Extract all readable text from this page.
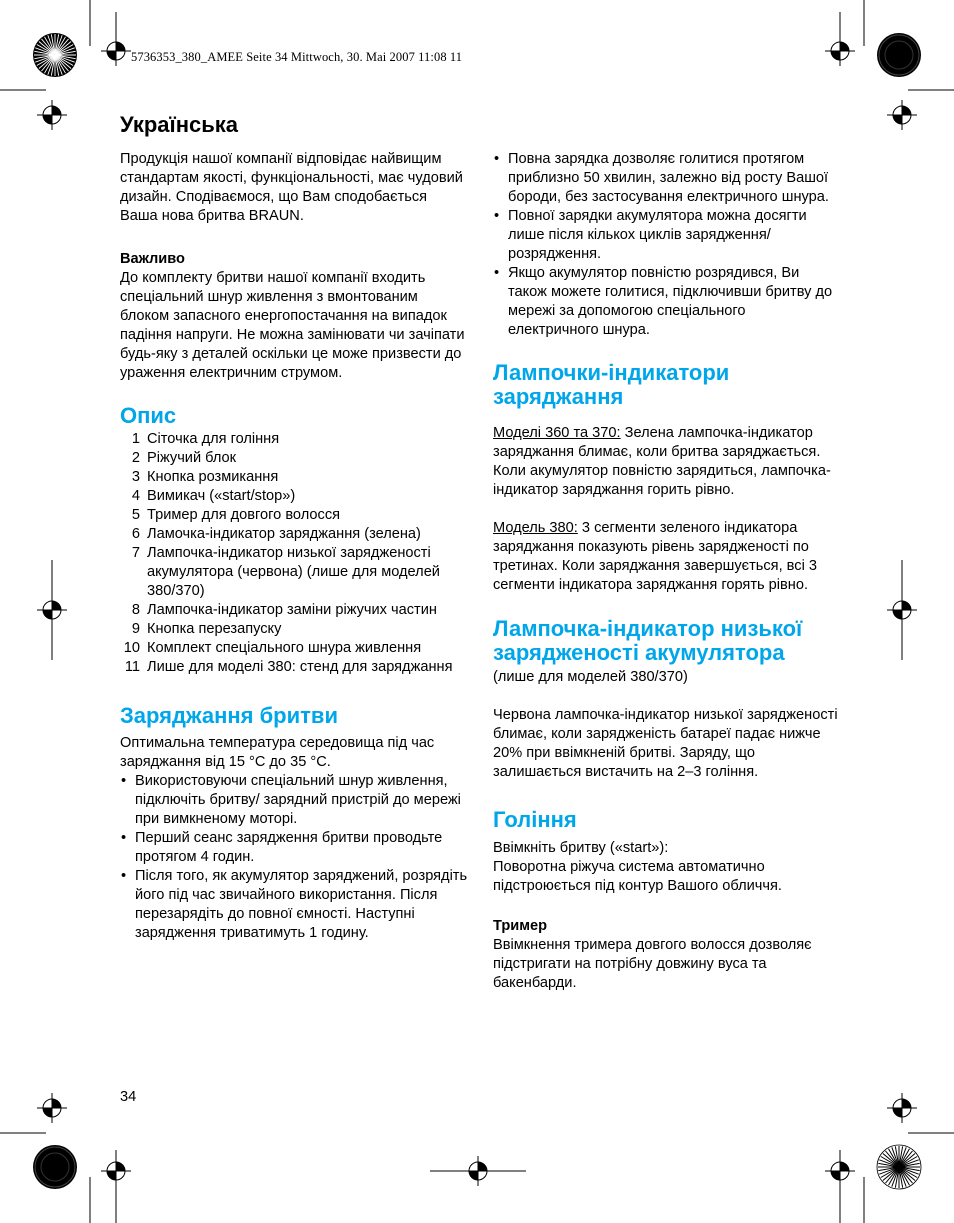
5736353_380_AMEE Seite 34 Mittwoch, 30. Mai 2007 11:08 11
Українська

Продукція нашої компанії відповідає найвищим стандартам якості, функціональності, має чудовий дизайн. Сподіваємося, що Вам сподобається Ваша нова бритва BRAUN.

Важливо

До комплекту бритви нашої компанії входить спеціальний шнур живлення з вмонтованим блоком запасного енергопостачання на випадок падіння напруги. Не можна замінювати чи зачіпати будь-яку з деталей оскільки це може призвести до ураження електричним струмом.

Опис
1 Сіточка для гоління
2 Ріжучий блок
3 Кнопка розмикання
4 Вимикач («start/stop»)
5 Тример для довгого волосся
6 Ламочка-індикатор заряджання (зелена)
7 Лампочка-індикатор низької зарядженості акумулятора (червона) (лише для моделей 380/370)
8 Лампочка-індикатор заміни ріжучих частин
9 Кнопка перезапуску
10 Комплект спеціального шнура живлення
11 Лише для моделі 380: стенд для заряджання
Заряджання бритви

Оптимальна температура середовища під час заряджання від 15 °C до 35 °C.

• Використовуючи спеціальний шнур живлення, підключіть бритву/ зарядний пристрій до мережі при вимкненому моторі.
• Перший сеанс зарядження бритви проводьте протягом 4 годин.
• Після того, як акумулятор заряджений, розрядіть його під час звичайного використання. Після перезарядіть до повної ємності. Наступні зарядження триватимуть 1 годину.
• Повна зарядка дозволяє голитися протягом приблизно 50 хвилин, залежно від росту Вашої бороди, без застосування електричного шнура.
• Повної зарядки акумулятора можна досягти лише після кількох циклів зарядження/розрядження.
• Якщо акумулятор повністю розрядився, Ви також можете голитися, підключивши бритву до мережі за допомогою спеціального електричного шнура.
Лампочки-індикатори заряджання

Моделі 360 та 370: Зелена лампочка-індикатор заряджання блимає, коли бритва заряджається. Коли акумулятор повністю зарядиться, лампочка-індикатор заряджання горить рівно.

Модель 380: 3 сегменти зеленого індикатора заряджання показують рівень зарядженості по третинах. Коли заряджання завершується, всі 3 сегменти індикатора заряджання горять рівно.

Лампочка-індикатор низької зарядженості акумулятора

(лише для моделей 380/370)

Червона лампочка-індикатор низької зарядженості блимає, коли зарядженість батареї падає нижче 20% при ввімкненій бритві. Заряду, що залишається вистачить на 2–3 гоління.

Гоління

Ввімкніть бритву («start»):

Поворотна ріжуча система автоматично підстроюється під контур Вашого обличчя.

Тример

Ввімкнення тримера довгого волосся дозволяє підстригати на потрібну довжину вуса та бакенбарди.

34
